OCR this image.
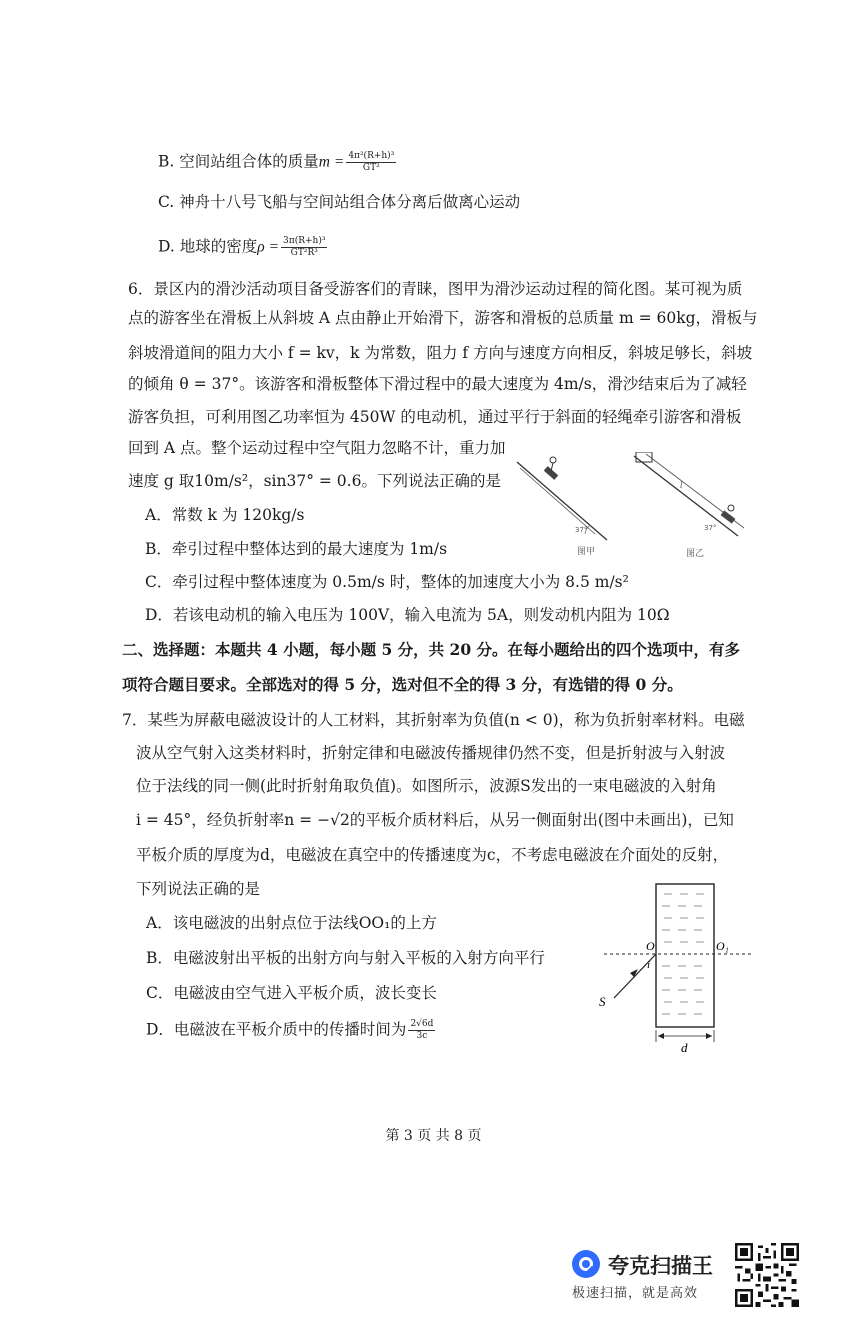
B. 空间站组合体的质量$m = \frac{\text{4π²(R+h)³}}{\text{GT²}}$
C. 神舟十八号飞船与空间站组合体分离后做离心运动
D. 地球的密度$\rho = \frac{\text{3π(R+h)³}}{\text{GT²R³}}$
6．景区内的滑沙活动项目备受游客们的青睐，图甲为滑沙运动过程的简化图。某可视为质
点的游客坐在滑板上从斜坡 A 点由静止开始滑下，游客和滑板的总质量 m = 60kg，滑板与
斜坡滑道间的阻力大小 f = kv，k 为常数，阻力 f 方向与速度方向相反，斜坡足够长，斜坡
的倾角 θ = 37°。该游客和滑板整体下滑过程中的最大速度为 4m/s，滑沙结束后为了减轻
游客负担，可利用图乙功率恒为 450W 的电动机，通过平行于斜面的轻绳牵引游客和滑板
回到 A 点。整个运动过程中空气阻力忽略不计，重力加
速度 g 取10m/s²，sin37° = 0.6。下列说法正确的是
A．常数 k 为 120kg/s
B．牵引过程中整体达到的最大速度为 1m/s
C．牵引过程中整体速度为 0.5m/s 时，整体的加速度大小为 8.5 m/s²
D．若该电动机的输入电压为 100V，输入电流为 5A，则发动机内阻为 10Ω
37°
图甲
l
37°
图乙
二、选择题：本题共 4 小题，每小题 5 分，共 20 分。在每小题给出的四个选项中，有多
项符合题目要求。全部选对的得 5 分，选对但不全的得 3 分，有选错的得 0 分。
7．某些为屏蔽电磁波设计的人工材料，其折射率为负值(n < 0)，称为负折射率材料。电磁
波从空气射入这类材料时，折射定律和电磁波传播规律仍然不变，但是折射波与入射波
位于法线的同一侧(此时折射角取负值)。如图所示，波源S发出的一束电磁波的入射角
i = 45°，经负折射率n = −√2的平板介质材料后，从另一侧面射出(图中未画出)，已知
平板介质的厚度为d，电磁波在真空中的传播速度为c，不考虑电磁波在介面处的反射，
下列说法正确的是
A．该电磁波的出射点位于法线OO₁的上方
B．电磁波射出平板的出射方向与射入平板的入射方向平行
C．电磁波由空气进入平板介质，波长变长
D．电磁波在平板介质中的传播时间为 $\frac{2√6d}{3c}$
O	O₁
i
S
d
第 3 页 共 8 页
夸克扫描王
极速扫描，就是高效
